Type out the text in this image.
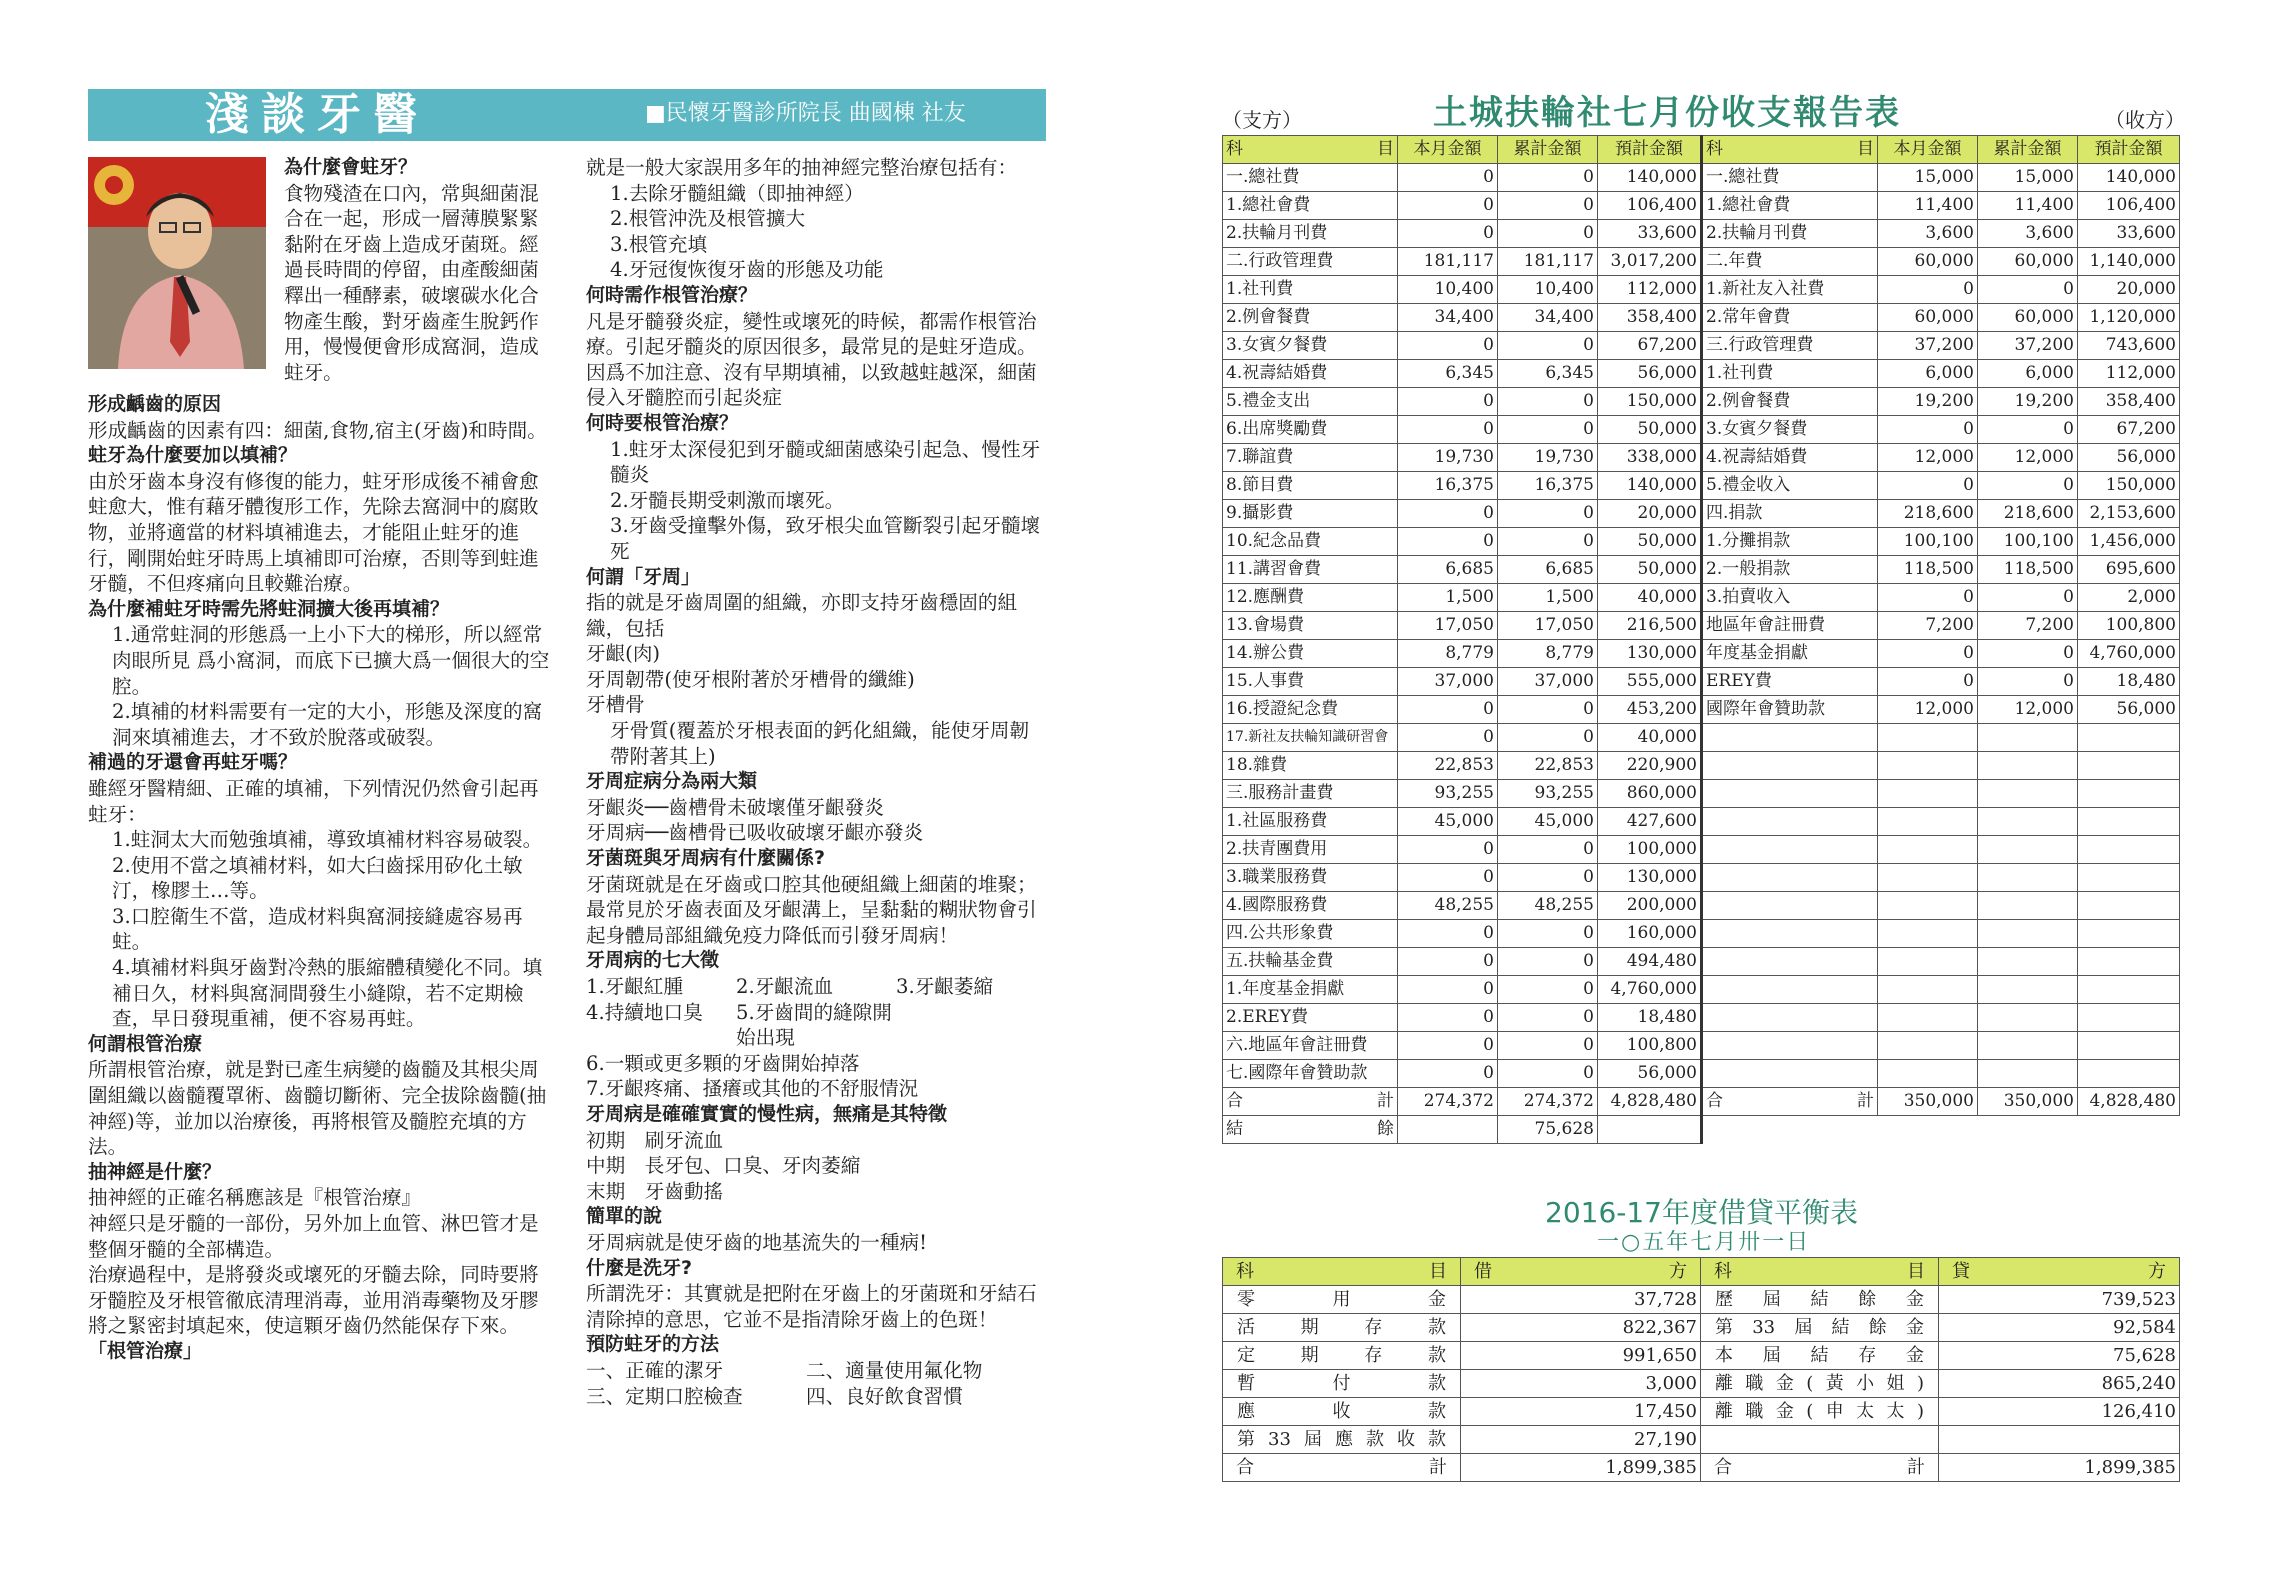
淺談牙醫	■民懷牙醫診所院長 曲國棟 社友
為什麼會蛀牙？
食物殘渣在口內，常與細菌混合在一起，形成一層薄膜緊緊黏附在牙齒上造成牙菌斑。經過長時間的停留，由產酸細菌釋出一種酵素，破壞碳水化合物產生酸，對牙齒產生脫鈣作用，慢慢便會形成窩洞，造成蛀牙。
形成齲齒的原因
形成齲齒的因素有四：細菌,食物,宿主(牙齒)和時間。
蛀牙為什麼要加以填補？
由於牙齒本身沒有修復的能力，蛀牙形成後不補會愈蛀愈大，惟有藉牙體復形工作，先除去窩洞中的腐敗物，並將適當的材料填補進去，才能阻止蛀牙的進行，剛開始蛀牙時馬上填補即可治療，否則等到蛀進牙髓，不但疼痛向且較難治療。
為什麼補蛀牙時需先將蛀洞擴大後再填補？
1.通常蛀洞的形態爲一上小下大的梯形，所以經常肉眼所見 爲小窩洞，而底下已擴大爲一個很大的空腔。
2.填補的材料需要有一定的大小，形態及深度的窩洞來填補進去，才不致於脫落或破裂。
補過的牙還會再蛀牙嗎？
雖經牙醫精細、正確的填補，下列情況仍然會引起再蛀牙：
1.蛀洞太大而勉強填補，導致填補材料容易破裂。
2.使用不當之填補材料，如大臼齒採用矽化土敏汀，橡膠土…等。
3.口腔衛生不當，造成材料與窩洞接縫處容易再蛀。
4.填補材料與牙齒對冷熱的脹縮體積變化不同。填補日久，材料與窩洞間發生小縫隙，若不定期檢查，早日發現重補，便不容易再蛀。
何謂根管治療
所謂根管治療，就是對已產生病變的齒髓及其根尖周圍組織以齒髓覆罩術、齒髓切斷術、完全拔除齒髓(抽神經)等，並加以治療後，再將根管及髓腔充填的方法。
抽神經是什麼？
抽神經的正確名稱應該是『根管治療』
神經只是牙髓的一部份，另外加上血管、淋巴管才是整個牙髓的全部構造。
治療過程中，是將發炎或壞死的牙髓去除，同時要將牙髓腔及牙根管徹底清理消毒，並用消毒藥物及牙膠將之緊密封填起來，使這顆牙齒仍然能保存下來。
「根管治療」
就是一般大家誤用多年的抽神經完整治療包括有：
1.去除牙髓組織（即抽神經）
2.根管沖洗及根管擴大
3.根管充填
4.牙冠復恢復牙齒的形態及功能
何時需作根管治療？
凡是牙髓發炎症，變性或壞死的時候，都需作根管治療。引起牙髓炎的原因很多，最常見的是蛀牙造成。因爲不加注意、沒有早期填補，以致越蛀越深，細菌侵入牙髓腔而引起炎症
何時要根管治療？
1.蛀牙太深侵犯到牙髓或細菌感染引起急、慢性牙髓炎
2.牙髓長期受刺激而壞死。
3.牙齒受撞擊外傷，致牙根尖血管斷裂引起牙髓壞死
何謂「牙周」
指的就是牙齒周圍的組織，亦即支持牙齒穩固的組織，包括
牙齦(肉)
牙周韌帶(使牙根附著於牙槽骨的纖維)
牙槽骨
牙骨質(覆蓋於牙根表面的鈣化組織，能使牙周韌帶附著其上)
牙周症病分為兩大類
牙齦炎──齒槽骨未破壞僅牙齦發炎
牙周病──齒槽骨已吸收破壞牙齦亦發炎
牙菌斑與牙周病有什麼關係?
牙菌斑就是在牙齒或口腔其他硬組織上細菌的堆聚；最常見於牙齒表面及牙齦溝上，呈黏黏的糊狀物會引起身體局部組織免疫力降低而引發牙周病！
牙周病的七大徵
1.牙齦紅腫	2.牙齦流血	3.牙齦萎縮
4.持續地口臭	5.牙齒間的縫隙開始出現
6.一顆或更多顆的牙齒開始掉落
7.牙齦疼痛、搔癢或其他的不舒服情況
牙周病是確確實實的慢性病，無痛是其特徵
初期　刷牙流血
中期　長牙包、口臭、牙肉萎縮
末期　牙齒動搖
簡單的說
牙周病就是使牙齒的地基流失的一種病!
什麼是洗牙?
所謂洗牙：其實就是把附在牙齒上的牙菌斑和牙結石清除掉的意思，它並不是指清除牙齒上的色斑！
預防蛀牙的方法
一、正確的潔牙	二、適量使用氟化物
三、定期口腔檢查	四、良好飲食習慣
土城扶輪社七月份收支報告表
（支方）	（收方）
科 目	本月金額	累計金額	預計金額	科 目	本月金額	累計金額	預計金額
一.總社費	0	0	140,000	一.總社費	15,000	15,000	140,000
1.總社會費	0	0	106,400	1.總社會費	11,400	11,400	106,400
2.扶輪月刊費	0	0	33,600	2.扶輪月刊費	3,600	3,600	33,600
二.行政管理費	181,117	181,117	3,017,200	二.年費	60,000	60,000	1,140,000
1.社刊費	10,400	10,400	112,000	1.新社友入社費	0	0	20,000
2.例會餐費	34,400	34,400	358,400	2.常年會費	60,000	60,000	1,120,000
3.女賓夕餐費	0	0	67,200	三.行政管理費	37,200	37,200	743,600
4.祝壽結婚費	6,345	6,345	56,000	1.社刊費	6,000	6,000	112,000
5.禮金支出	0	0	150,000	2.例會餐費	19,200	19,200	358,400
6.出席獎勵費	0	0	50,000	3.女賓夕餐費	0	0	67,200
7.聯誼費	19,730	19,730	338,000	4.祝壽結婚費	12,000	12,000	56,000
8.節目費	16,375	16,375	140,000	5.禮金收入	0	0	150,000
9.攝影費	0	0	20,000	四.捐款	218,600	218,600	2,153,600
10.紀念品費	0	0	50,000	1.分攤捐款	100,100	100,100	1,456,000
11.講習會費	6,685	6,685	50,000	2.一般捐款	118,500	118,500	695,600
12.應酬費	1,500	1,500	40,000	3.拍賣收入	0	0	2,000
13.會場費	17,050	17,050	216,500	地區年會註冊費	7,200	7,200	100,800
14.辦公費	8,779	8,779	130,000	年度基金捐獻	0	0	4,760,000
15.人事費	37,000	37,000	555,000	EREY費	0	0	18,480
16.授證紀念費	0	0	453,200	國際年會贊助款	12,000	12,000	56,000
17.新社友扶輪知識研習會	0	0	40,000				
18.雜費	22,853	22,853	220,900				
三.服務計畫費	93,255	93,255	860,000				
1.社區服務費	45,000	45,000	427,600				
2.扶青團費用	0	0	100,000				
3.職業服務費	0	0	130,000				
4.國際服務費	48,255	48,255	200,000				
四.公共形象費	0	0	160,000				
五.扶輪基金費	0	0	494,480				
1.年度基金捐獻	0	0	4,760,000				
2.EREY費	0	0	18,480				
六.地區年會註冊費	0	0	100,800				
七.國際年會贊助款	0	0	56,000				

合 計	274,372	274,372	4,828,480	合 計	350,000	350,000	4,828,480

結 餘		75,628					
2016-17年度借貸平衡表
一○五年七月卅一日
科 目	借 方	科 目	貸 方

零用金	37,728	歷屆結餘金	739,523
活期存款	822,367	第33屆結餘金	92,584
定期存款	991,650	本屆結存金	75,628
暫付款	3,000	離職金(黃小姐)	865,240
應收款	17,450	離職金(申太太)	126,410
第33屆應款收款	27,190		

合 計	1,899,385	合 計	1,899,385
